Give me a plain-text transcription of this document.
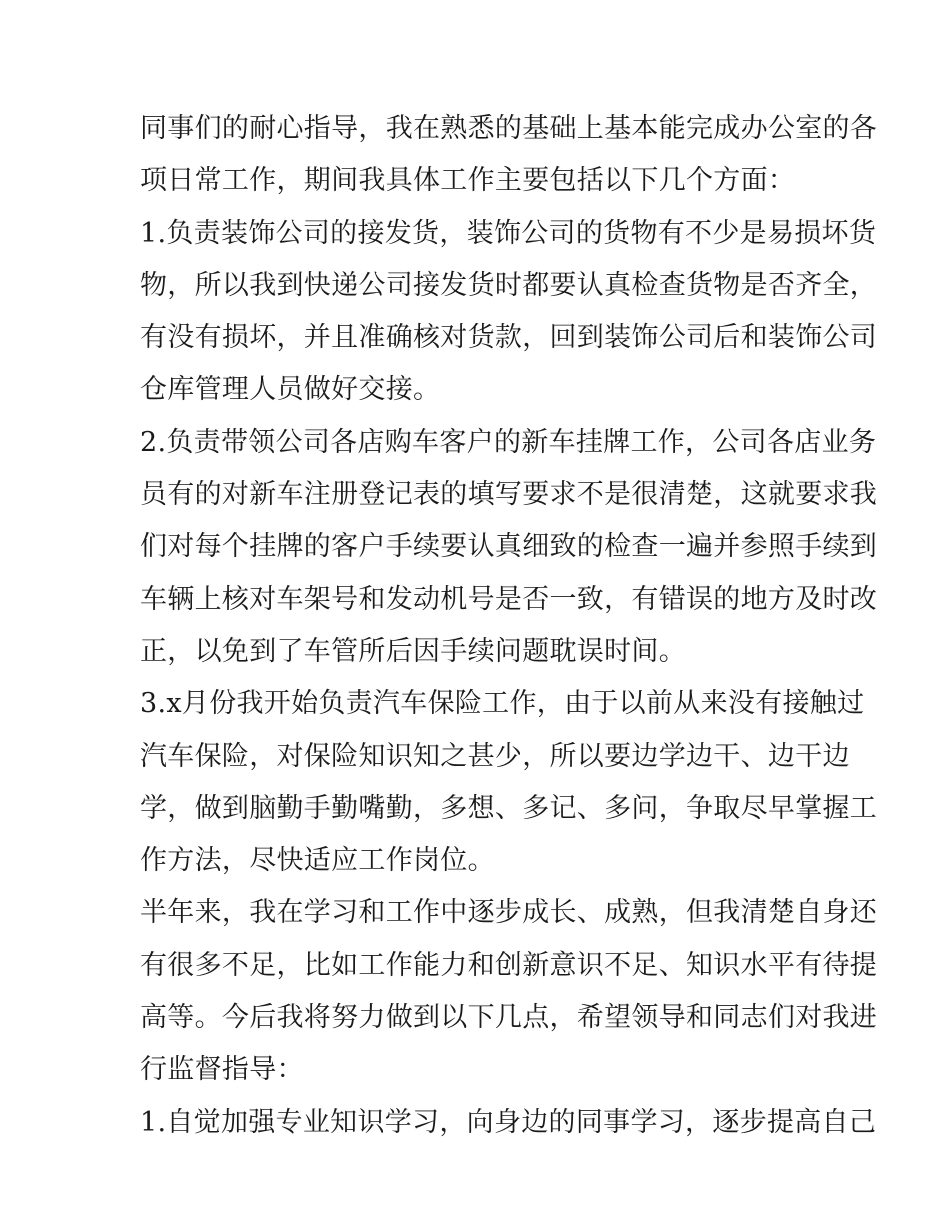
同事们的耐心指导，我在熟悉的基础上基本能完成办公室的各
项日常工作，期间我具体工作主要包括以下几个方面：
1.负责装饰公司的接发货，装饰公司的货物有不少是易损坏货
物，所以我到快递公司接发货时都要认真检查货物是否齐全，
有没有损坏，并且准确核对货款，回到装饰公司后和装饰公司
仓库管理人员做好交接。
2.负责带领公司各店购车客户的新车挂牌工作，公司各店业务
员有的对新车注册登记表的填写要求不是很清楚，这就要求我
们对每个挂牌的客户手续要认真细致的检查一遍并参照手续到
车辆上核对车架号和发动机号是否一致，有错误的地方及时改
正，以免到了车管所后因手续问题耽误时间。
3.x月份我开始负责汽车保险工作，由于以前从来没有接触过
汽车保险，对保险知识知之甚少，所以要边学边干、边干边
学，做到脑勤手勤嘴勤，多想、多记、多问，争取尽早掌握工
作方法，尽快适应工作岗位。
半年来，我在学习和工作中逐步成长、成熟，但我清楚自身还
有很多不足，比如工作能力和创新意识不足、知识水平有待提
高等。今后我将努力做到以下几点，希望领导和同志们对我进
行监督指导：
1.自觉加强专业知识学习，向身边的同事学习，逐步提高自己
